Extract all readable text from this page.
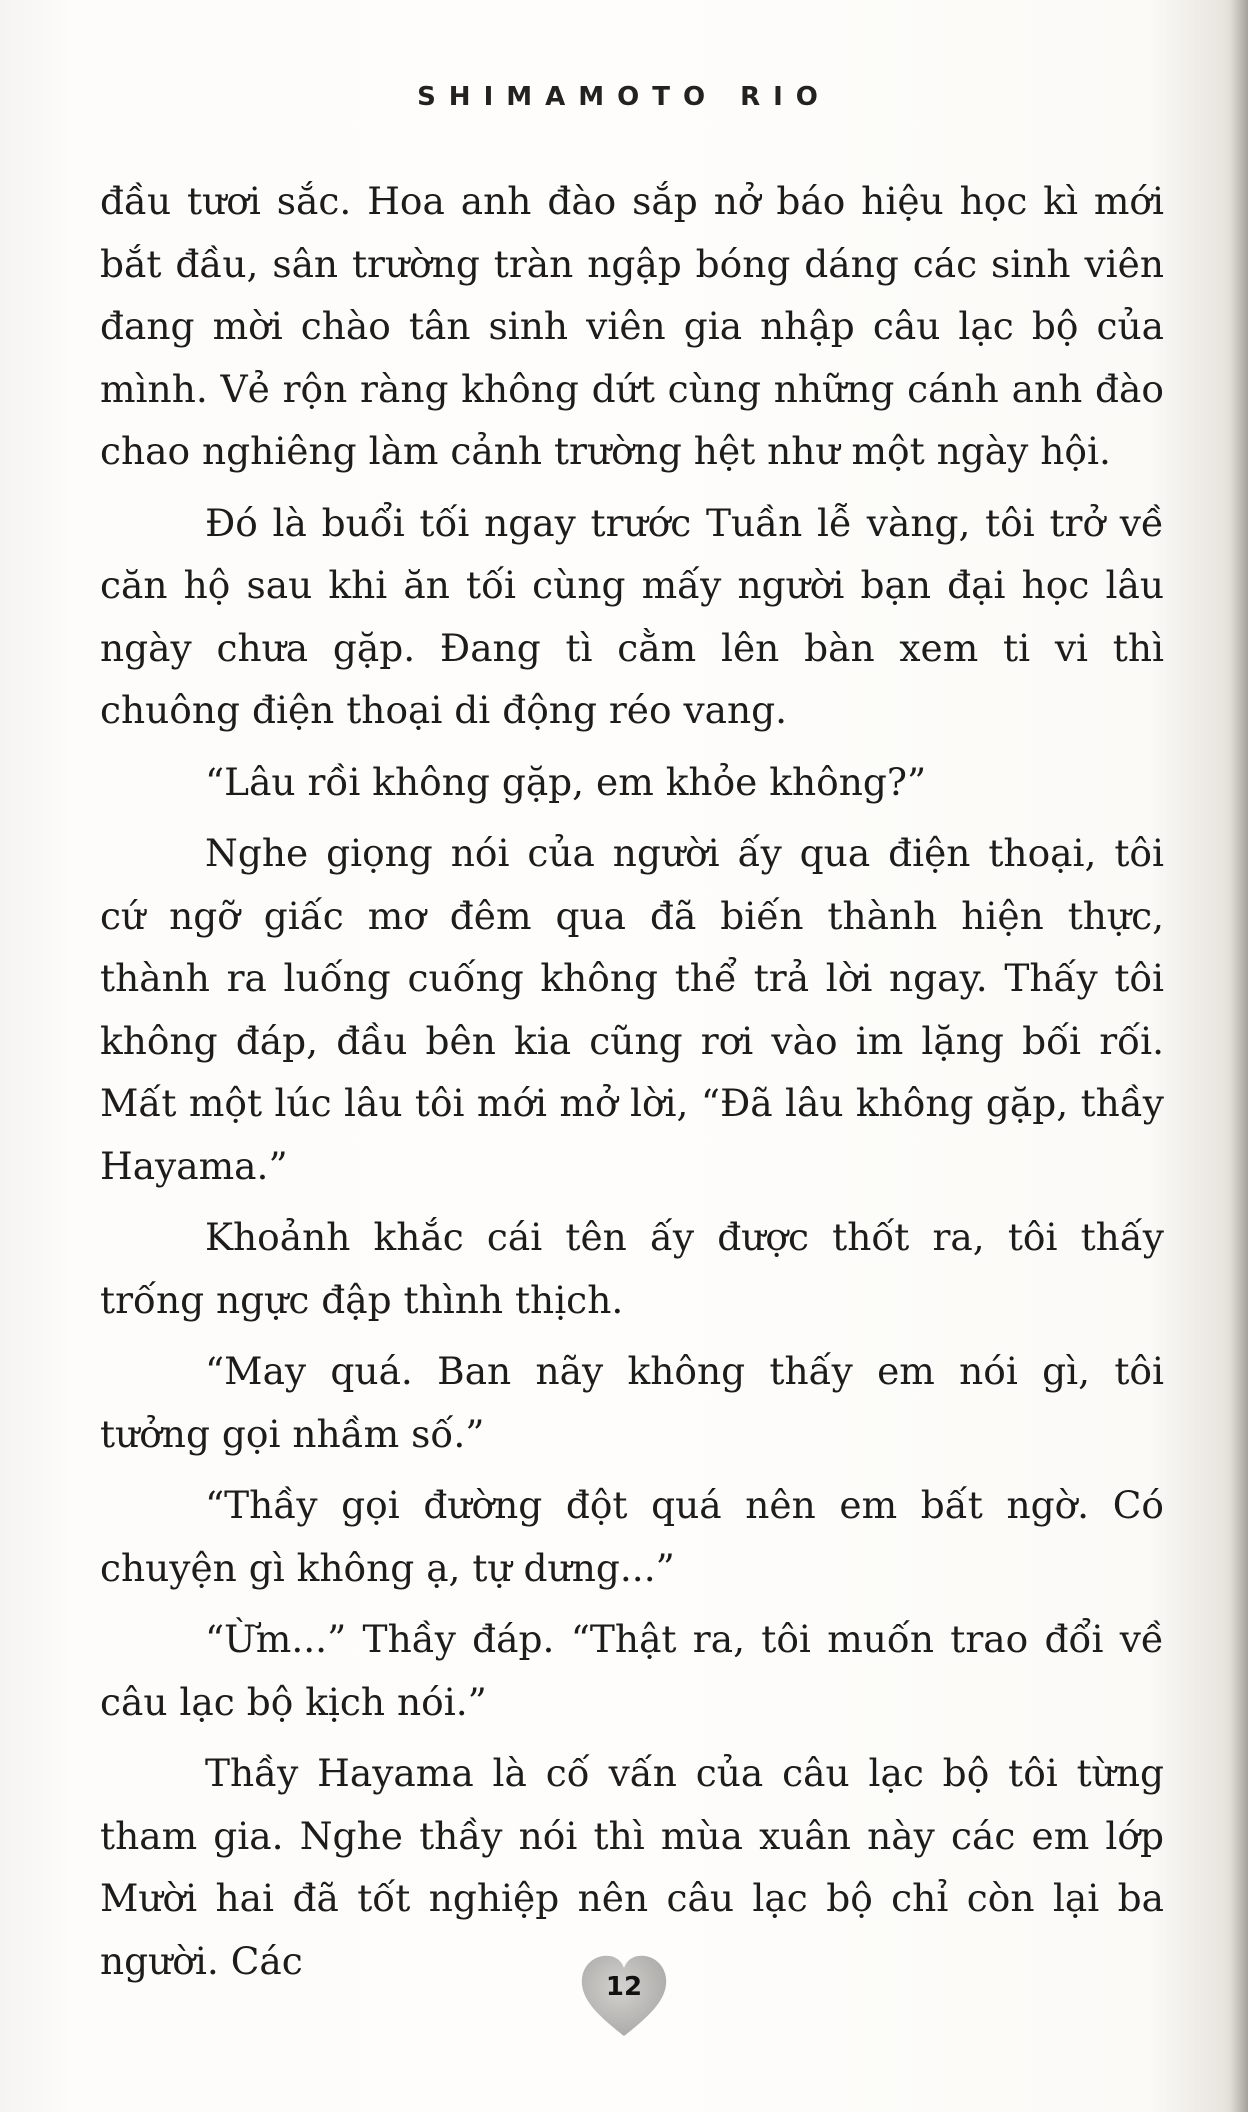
SHIMAMOTO RIO

đầu tươi sắc. Hoa anh đào sắp nở báo hiệu học kì mới bắt đầu, sân trường tràn ngập bóng dáng các sinh viên đang mời chào tân sinh viên gia nhập câu lạc bộ của mình. Vẻ rộn ràng không dứt cùng những cánh anh đào chao nghiêng làm cảnh trường hệt như một ngày hội.

Đó là buổi tối ngay trước Tuần lễ vàng, tôi trở về căn hộ sau khi ăn tối cùng mấy người bạn đại học lâu ngày chưa gặp. Đang tì cằm lên bàn xem ti vi thì chuông điện thoại di động réo vang.

“Lâu rồi không gặp, em khỏe không?”

Nghe giọng nói của người ấy qua điện thoại, tôi cứ ngỡ giấc mơ đêm qua đã biến thành hiện thực, thành ra luống cuống không thể trả lời ngay. Thấy tôi không đáp, đầu bên kia cũng rơi vào im lặng bối rối. Mất một lúc lâu tôi mới mở lời, “Đã lâu không gặp, thầy Hayama.”

Khoảnh khắc cái tên ấy được thốt ra, tôi thấy trống ngực đập thình thịch.

“May quá. Ban nãy không thấy em nói gì, tôi tưởng gọi nhầm số.”

“Thầy gọi đường đột quá nên em bất ngờ. Có chuyện gì không ạ, tự dưng...”

“Ừm...” Thầy đáp. “Thật ra, tôi muốn trao đổi về câu lạc bộ kịch nói.”

Thầy Hayama là cố vấn của câu lạc bộ tôi từng tham gia. Nghe thầy nói thì mùa xuân này các em lớp Mười hai đã tốt nghiệp nên câu lạc bộ chỉ còn lại ba người. Các

12
